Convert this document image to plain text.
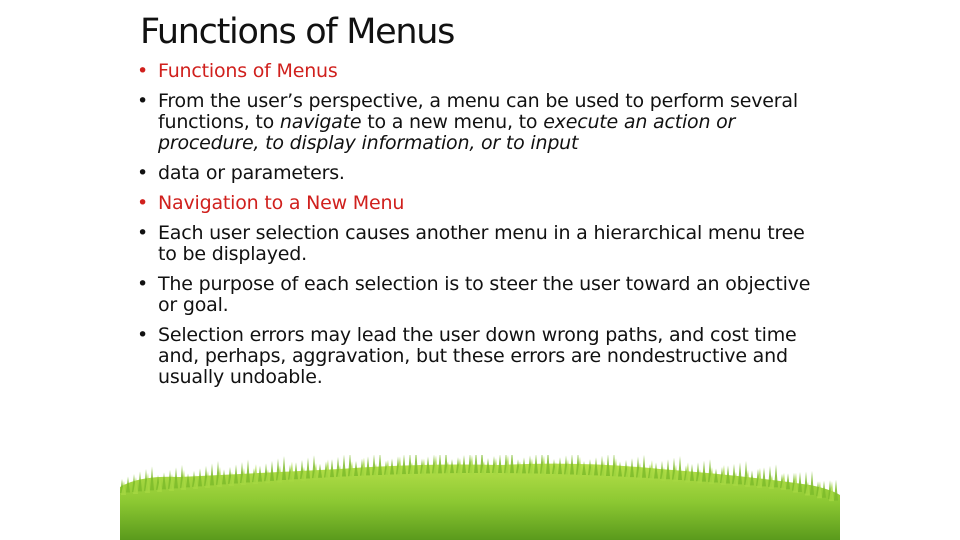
Functions of Menus
• Functions of Menus
• From the user’s perspective, a menu can be used to perform several functions, to navigate to a new menu, to execute an action or procedure, to display information, or to input
• data or parameters.
• Navigation to a New Menu
• Each user selection causes another menu in a hierarchical menu tree to be displayed.
• The purpose of each selection is to steer the user toward an objective or goal.
• Selection errors may lead the user down wrong paths, and cost time and, perhaps, aggravation, but these errors are nondestructive and usually undoable.
